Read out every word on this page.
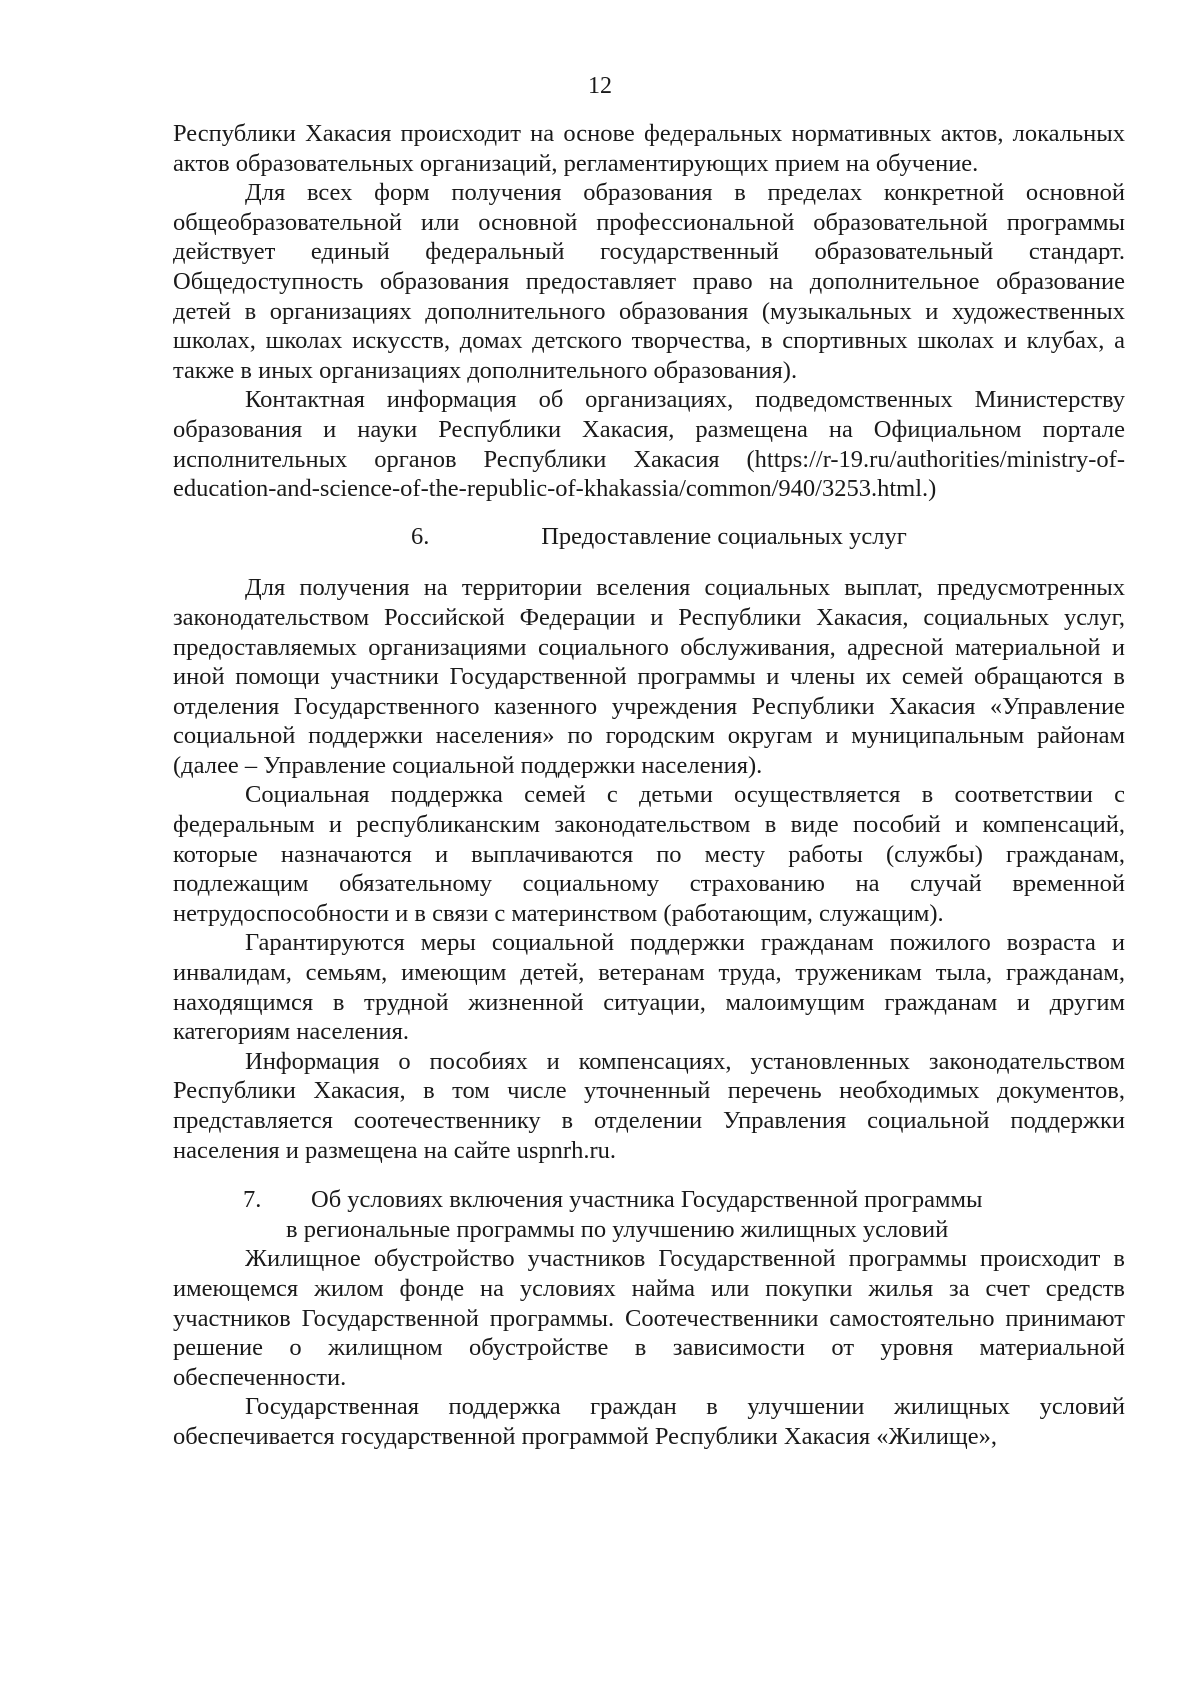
12

Республики Хакасия происходит на основе федеральных нормативных актов, локальных актов образовательных организаций, регламентирующих прием на обучение.

Для всех форм получения образования в пределах конкретной основной общеобразовательной или основной профессиональной образовательной программы действует единый федеральный государственный образовательный стандарт. Общедоступность образования предоставляет право на дополнительное образование детей в организациях дополнительного образования (музыкальных и художественных школах, школах искусств, домах детского творчества, в спортивных школах и клубах, а также в иных организациях дополнительного образования).

Контактная информация об организациях, подведомственных Министерству образования и науки Республики Хакасия, размещена на Официальном портале исполнительных органов Республики Хакасия (https://r-19.ru/authorities/ministry-of-education-and-science-of-the-republic-of-khakassia/common/940/3253.html.)

6.	Предоставление социальных услуг

Для получения на территории вселения социальных выплат, предусмотренных законодательством Российской Федерации и Республики Хакасия, социальных услуг, предоставляемых организациями социального обслуживания, адресной материальной и иной помощи участники Государственной программы и члены их семей обращаются в отделения Государственного казенного учреждения Республики Хакасия «Управление социальной поддержки населения» по городским округам и муниципальным районам (далее – Управление социальной поддержки населения).

Социальная поддержка семей с детьми осуществляется в соответствии с федеральным и республиканским законодательством в виде пособий и компенсаций, которые назначаются и выплачиваются по месту работы (службы) гражданам, подлежащим обязательному социальному страхованию на случай временной нетрудоспособности и в связи с материнством (работающим, служащим).

Гарантируются меры социальной поддержки гражданам пожилого возраста и инвалидам, семьям, имеющим детей, ветеранам труда, труженикам тыла, гражданам, находящимся в трудной жизненной ситуации, малоимущим гражданам и другим категориям населения.

Информация о пособиях и компенсациях, установленных законодательством Республики Хакасия, в том числе уточненный перечень необходимых документов, представляется соотечественнику в отделении Управления социальной поддержки населения и размещена на сайте uspnrh.ru.

7. Об условиях включения участника Государственной программы
в региональные программы по улучшению жилищных условий

Жилищное обустройство участников Государственной программы происходит в имеющемся жилом фонде на условиях найма или покупки жилья за счет средств участников Государственной программы. Соотечественники самостоятельно принимают решение о жилищном обустройстве в зависимости от уровня материальной обеспеченности.

Государственная поддержка граждан в улучшении жилищных условий обеспечивается государственной программой Республики Хакасия «Жилище»,
